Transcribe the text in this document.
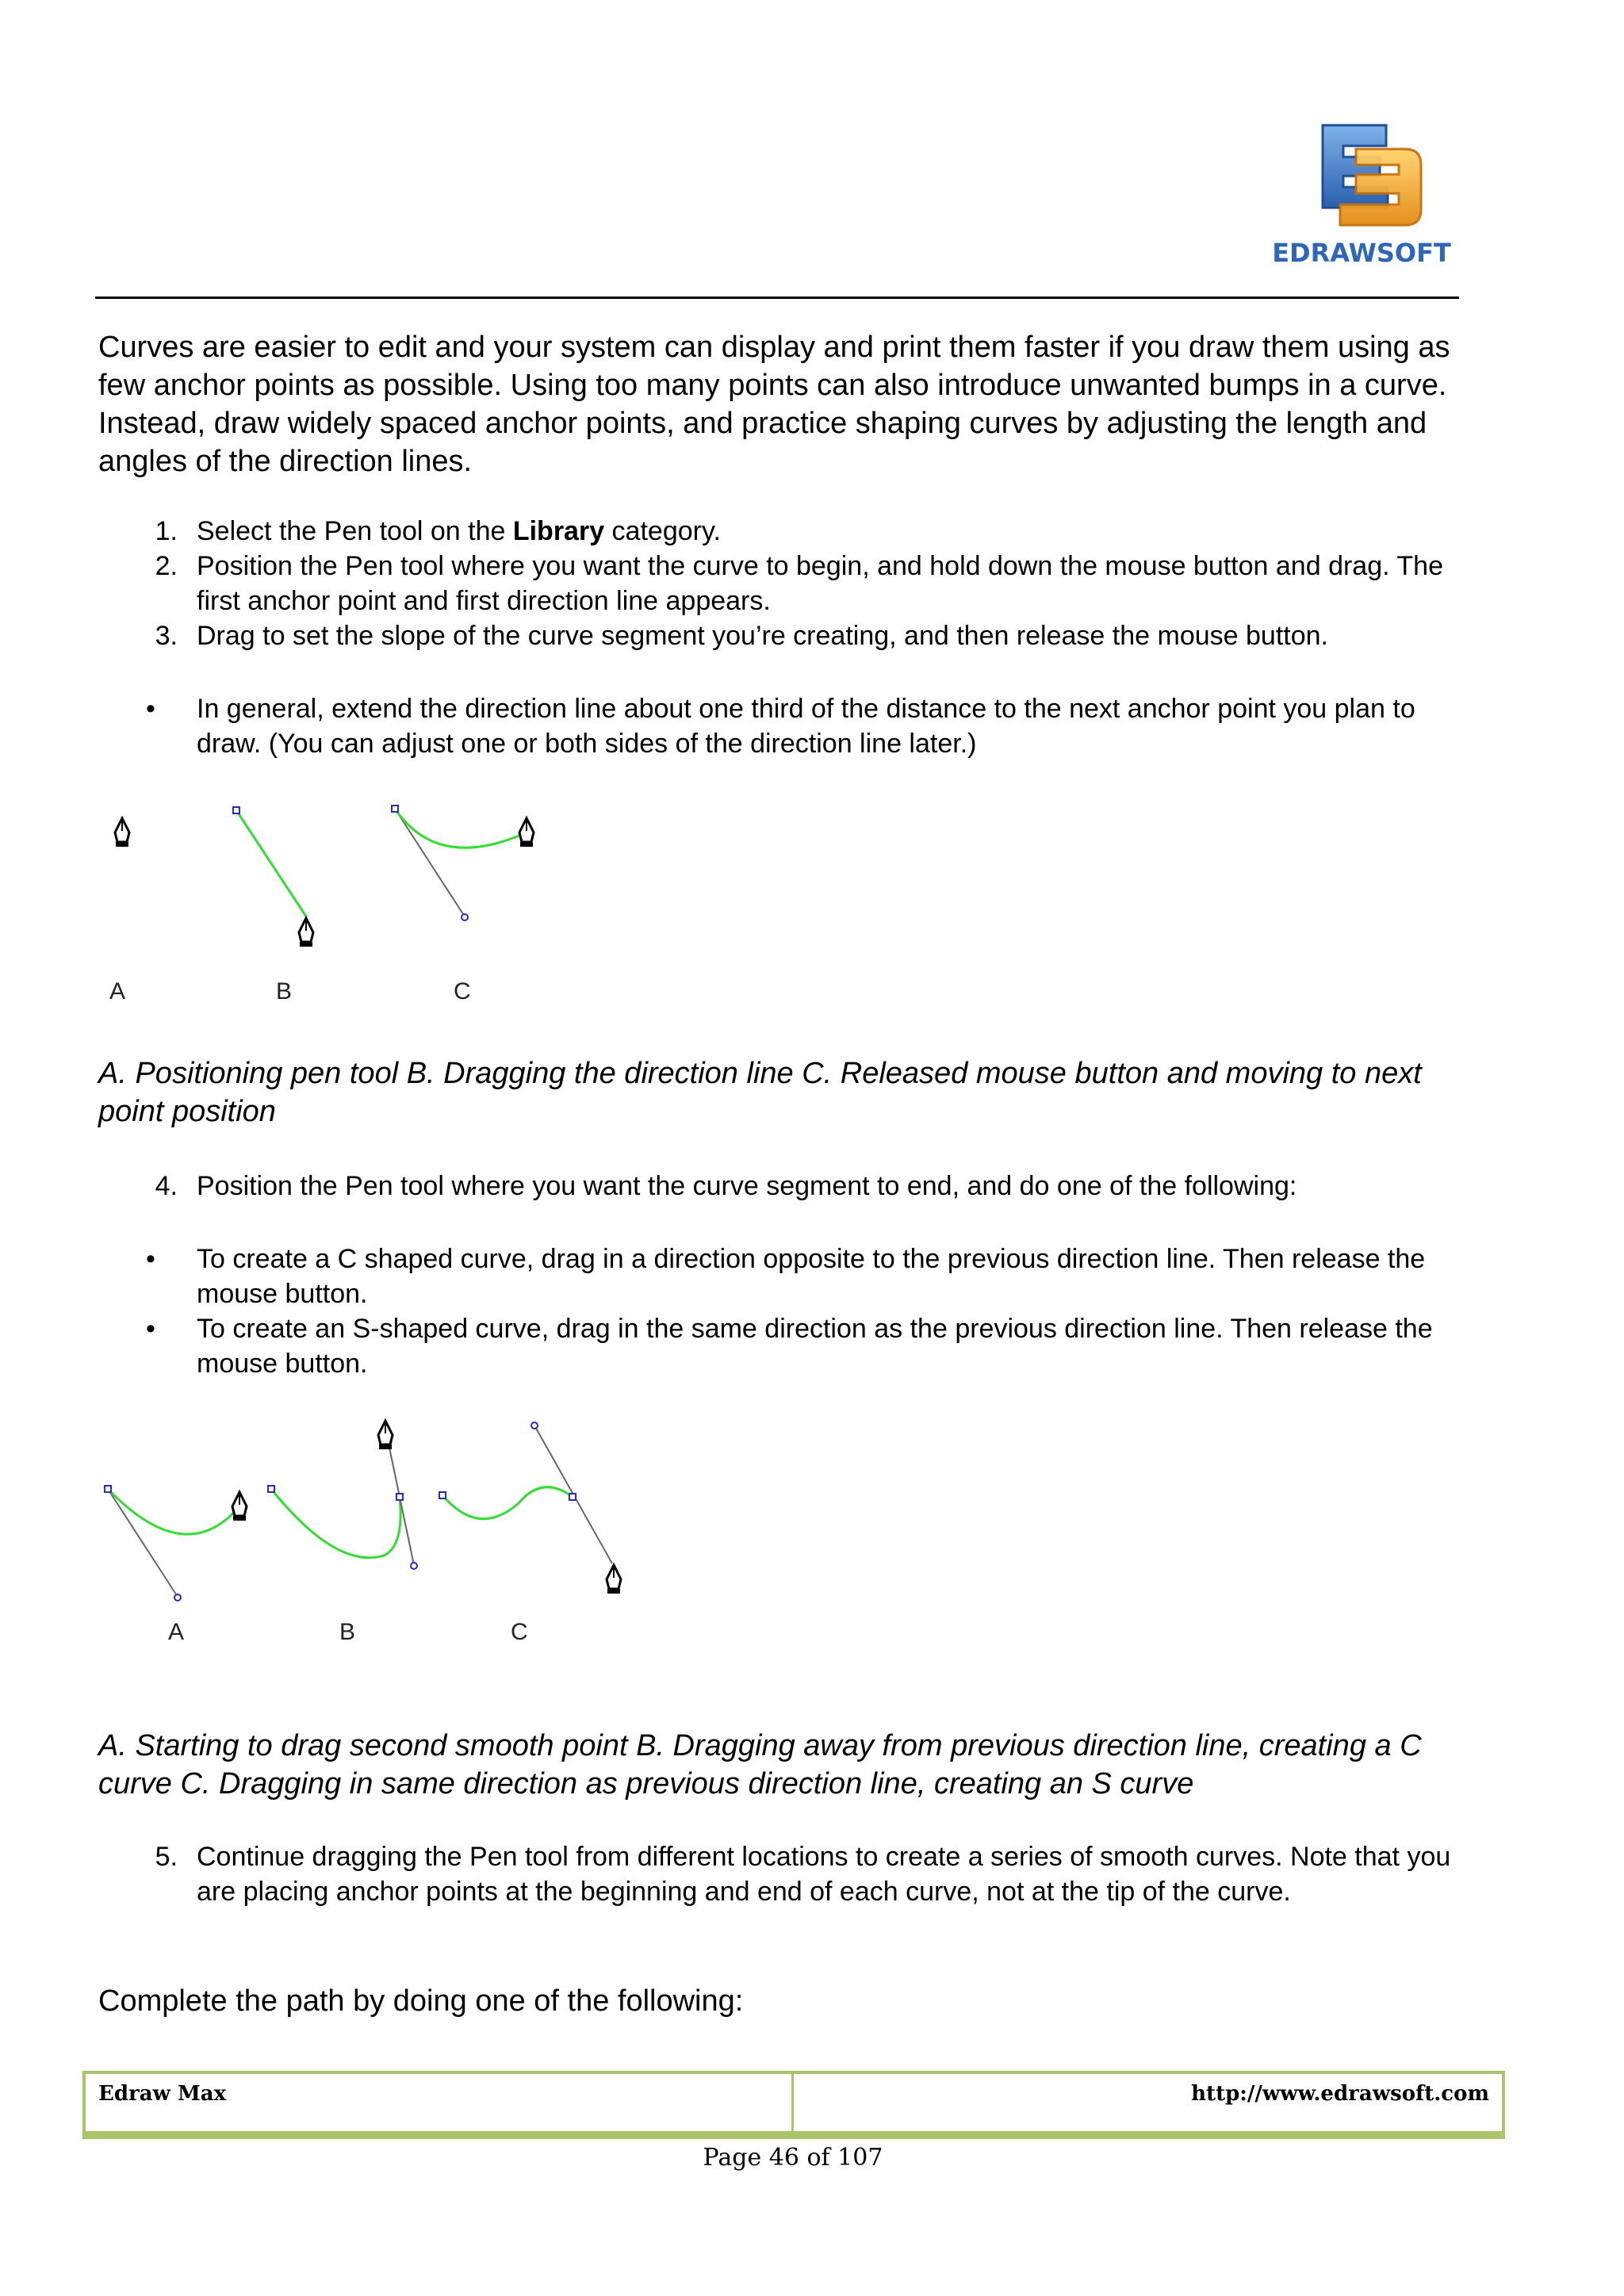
EDRAWSOFT
Curves are easier to edit and your system can display and print them faster if you draw them using as few anchor points as possible. Using too many points can also introduce unwanted bumps in a curve. Instead, draw widely spaced anchor points, and practice shaping curves by adjusting the length and angles of the direction lines.
1. Select the Pen tool on the Library category.
2. Position the Pen tool where you want the curve to begin, and hold down the mouse button and drag. The first anchor point and first direction line appears.
3. Drag to set the slope of the curve segment you’re creating, and then release the mouse button.
• In general, extend the direction line about one third of the distance to the next anchor point you plan to draw. (You can adjust one or both sides of the direction line later.)
A	B	C
A. Positioning pen tool B. Dragging the direction line C. Released mouse button and moving to next point position
4. Position the Pen tool where you want the curve segment to end, and do one of the following:
• To create a C shaped curve, drag in a direction opposite to the previous direction line. Then release the mouse button.
• To create an S-shaped curve, drag in the same direction as the previous direction line. Then release the mouse button.
A	B	C
A. Starting to drag second smooth point B. Dragging away from previous direction line, creating a C curve C. Dragging in same direction as previous direction line, creating an S curve
5. Continue dragging the Pen tool from different locations to create a series of smooth curves. Note that you are placing anchor points at the beginning and end of each curve, not at the tip of the curve.
Complete the path by doing one of the following:
Edraw Max	http://www.edrawsoft.com
Page 46 of 107
